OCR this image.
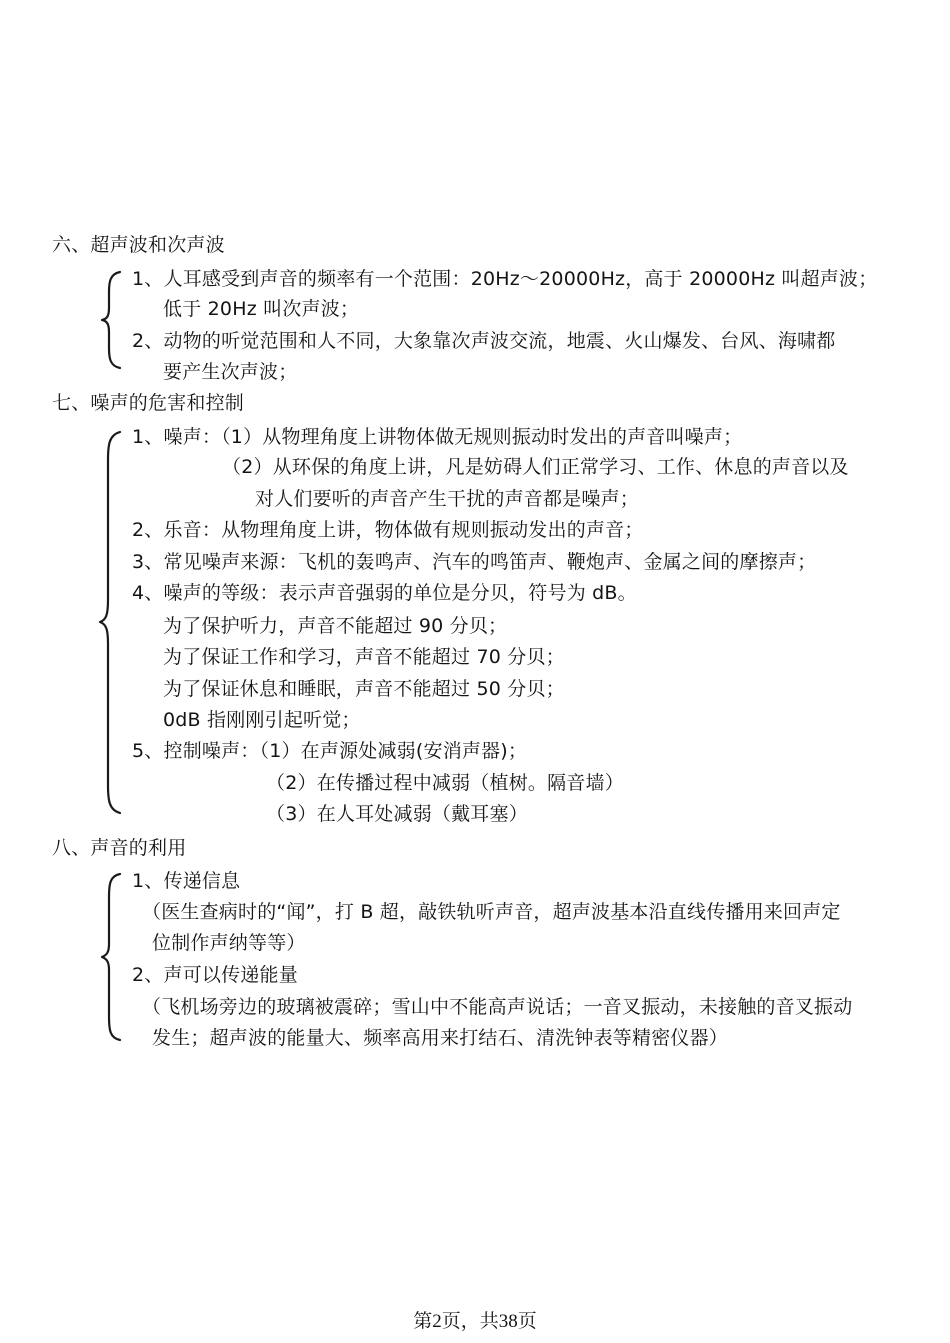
六、超声波和次声波
1、人耳感受到声音的频率有一个范围：20Hz～20000Hz，高于 20000Hz 叫超声波；
低于 20Hz 叫次声波；
2、动物的听觉范围和人不同，大象靠次声波交流，地震、火山爆发、台风、海啸都
要产生次声波；
七、噪声的危害和控制
1、噪声：（1）从物理角度上讲物体做无规则振动时发出的声音叫噪声；
（2）从环保的角度上讲，凡是妨碍人们正常学习、工作、休息的声音以及
对人们要听的声音产生干扰的声音都是噪声；
2、乐音：从物理角度上讲，物体做有规则振动发出的声音；
3、常见噪声来源：飞机的轰鸣声、汽车的鸣笛声、鞭炮声、金属之间的摩擦声；
4、噪声的等级：表示声音强弱的单位是分贝，符号为 dB。
为了保护听力，声音不能超过 90 分贝；
为了保证工作和学习，声音不能超过 70 分贝；
为了保证休息和睡眠，声音不能超过 50 分贝；
0dB 指刚刚引起听觉；
5、控制噪声：（1）在声源处减弱(安消声器)；
（2）在传播过程中减弱（植树。隔音墙）
（3）在人耳处减弱（戴耳塞）
八、声音的利用
1、传递信息
（医生查病时的“闻”，打 B 超，敲铁轨听声音，超声波基本沿直线传播用来回声定
位制作声纳等等）
2、声可以传递能量
（飞机场旁边的玻璃被震碎；雪山中不能高声说话；一音叉振动，未接触的音叉振动
发生；超声波的能量大、频率高用来打结石、清洗钟表等精密仪器）
第2页，共38页
